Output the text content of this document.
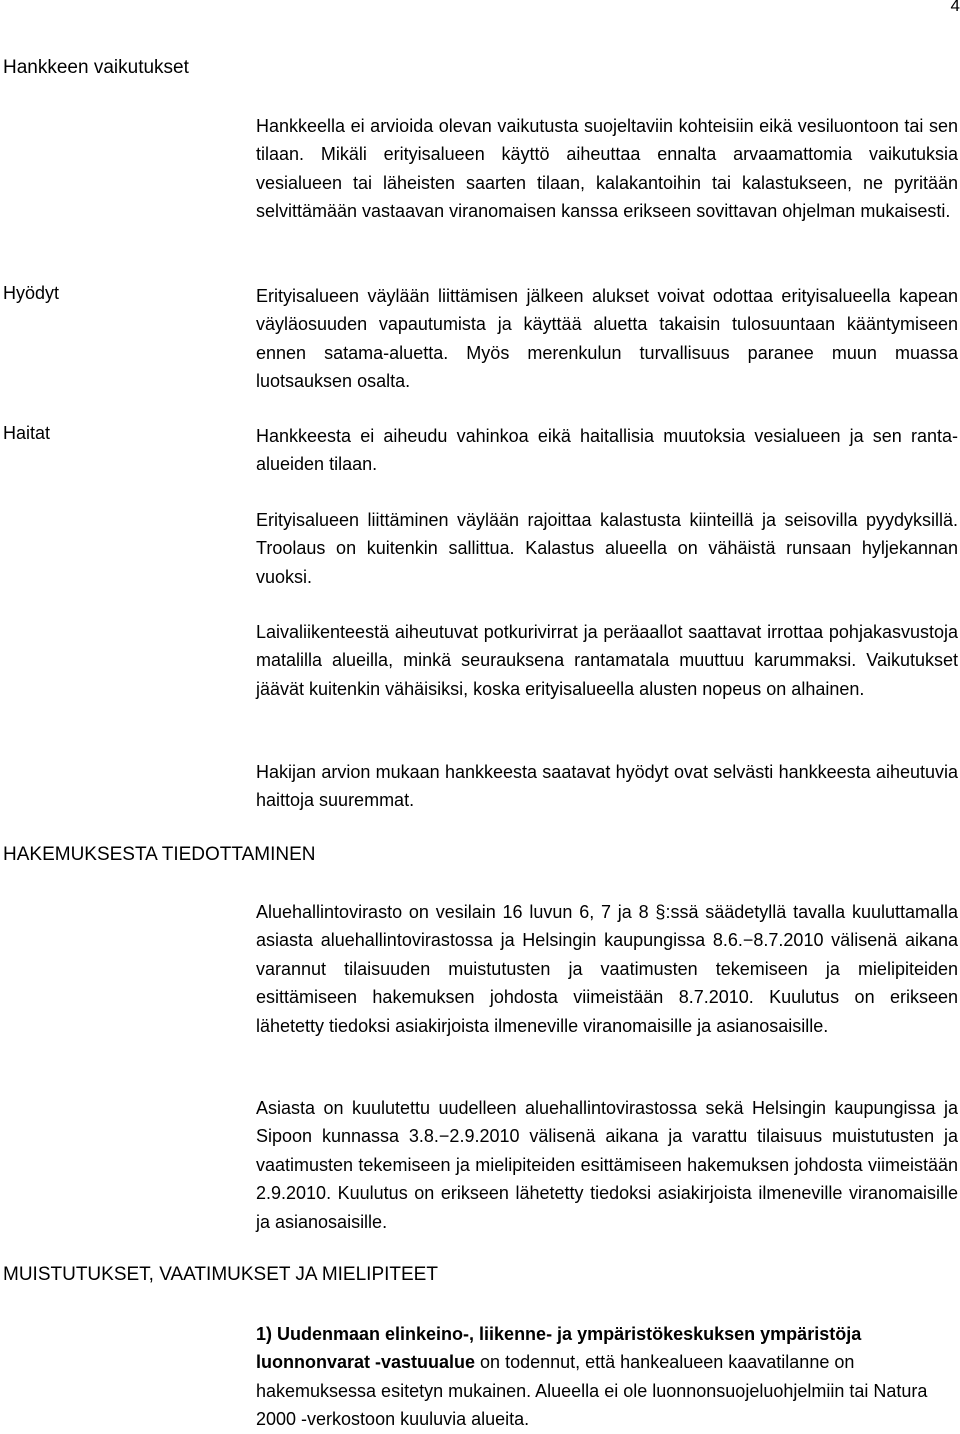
4
Hankkeen vaikutukset

Hankkeella ei arvioida olevan vaikutusta suojeltaviin kohteisiin eikä vesiluontoon tai sen tilaan. Mikäli erityisalueen käyttö aiheuttaa ennalta arvaamattomia vaikutuksia vesialueen tai läheisten saarten tilaan, kalakantoihin tai kalastukseen, ne pyritään selvittämään vastaavan viranomaisen kanssa erikseen sovittavan ohjelman mukaisesti.

Hyödyt	Erityisalueen väylään liittämisen jälkeen alukset voivat odottaa erityisalueella kapean väyläosuuden vapautumista ja käyttää aluetta takaisin tulosuuntaan kääntymiseen ennen satama-aluetta. Myös merenkulun turvallisuus paranee muun muassa luotsauksen osalta.

Haitat	Hankkeesta ei aiheudu vahinkoa eikä haitallisia muutoksia vesialueen ja sen ranta-alueiden tilaan.

Erityisalueen liittäminen väylään rajoittaa kalastusta kiinteillä ja seisovilla pyydyksillä. Troolaus on kuitenkin sallittua. Kalastus alueella on vähäistä runsaan hyljekannan vuoksi.

Laivaliikenteestä aiheutuvat potkurivirrat ja peräaallot saattavat irrottaa pohjakasvustoja matalilla alueilla, minkä seurauksena rantamatala muuttuu karummaksi. Vaikutukset jäävät kuitenkin vähäisiksi, koska erityisalueella alusten nopeus on alhainen.

Hakijan arvion mukaan hankkeesta saatavat hyödyt ovat selvästi hankkeesta aiheutuvia haittoja suuremmat.

HAKEMUKSESTA TIEDOTTAMINEN

Aluehallintovirasto on vesilain 16 luvun 6, 7 ja 8 §:ssä säädetyllä tavalla kuuluttamalla asiasta aluehallintovirastossa ja Helsingin kaupungissa 8.6.−8.7.2010 välisenä aikana varannut tilaisuuden muistutusten ja vaatimusten tekemiseen ja mielipiteiden esittämiseen hakemuksen johdosta viimeistään 8.7.2010. Kuulutus on erikseen lähetetty tiedoksi asiakirjoista ilmeneville viranomaisille ja asianosaisille.

Asiasta on kuulutettu uudelleen aluehallintovirastossa sekä Helsingin kaupungissa ja Sipoon kunnassa 3.8.−2.9.2010 välisenä aikana ja varattu tilaisuus muistutusten ja vaatimusten tekemiseen ja mielipiteiden esittämiseen hakemuksen johdosta viimeistään 2.9.2010. Kuulutus on erikseen lähetetty tiedoksi asiakirjoista ilmeneville viranomaisille ja asianosaisille.

MUISTUTUKSET, VAATIMUKSET JA MIELIPITEET

1) Uudenmaan elinkeino-, liikenne- ja ympäristökeskuksen ympäristöja luonnonvarat -vastuualue on todennut, että hankealueen kaavatilanne on hakemuksessa esitetyn mukainen. Alueella ei ole luonnonsuojeluohjelmiin tai Natura 2000 -verkostoon kuuluvia alueita.
